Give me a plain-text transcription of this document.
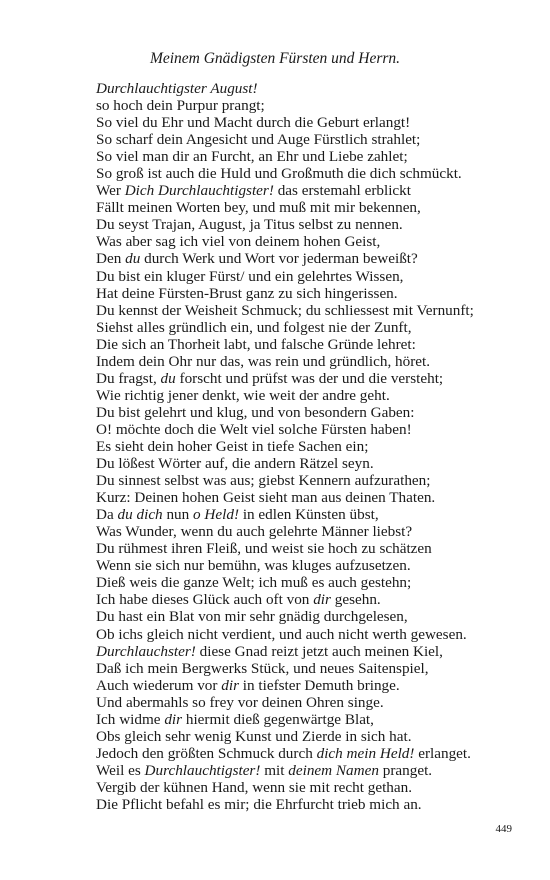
Meinem Gnädigsten Fürsten und Herrn.
Durchlauchtigster August!
so hoch dein Purpur prangt;
So viel du Ehr und Macht durch die Geburt erlangt!
So scharf dein Angesicht und Auge Fürstlich strahlet;
So viel man dir an Furcht, an Ehr und Liebe zahlet;
So groß ist auch die Huld und Großmuth die dich schmückt.
Wer Dich Durchlauchtigster! das erstemahl erblickt
Fällt meinen Worten bey, und muß mit mir bekennen,
Du seyst Trajan, August, ja Titus selbst zu nennen.
Was aber sag ich viel von deinem hohen Geist,
Den du durch Werk und Wort vor jederman beweißt?
Du bist ein kluger Fürst/ und ein gelehrtes Wissen,
Hat deine Fürsten-Brust ganz zu sich hingerissen.
Du kennst der Weisheit Schmuck; du schliessest mit Vernunft;
Siehst alles gründlich ein, und folgest nie der Zunft,
Die sich an Thorheit labt, und falsche Gründe lehret:
Indem dein Ohr nur das, was rein und gründlich, höret.
Du fragst, du forscht und prüfst was der und die versteht;
Wie richtig jener denkt, wie weit der andre geht.
Du bist gelehrt und klug, und von besondern Gaben:
O! möchte doch die Welt viel solche Fürsten haben!
Es sieht dein hoher Geist in tiefe Sachen ein;
Du lößest Wörter auf, die andern Rätzel seyn.
Du sinnest selbst was aus; giebst Kennern aufzurathen;
Kurz: Deinen hohen Geist sieht man aus deinen Thaten.
Da du dich nun o Held! in edlen Künsten übst,
Was Wunder, wenn du auch gelehrte Männer liebst?
Du rühmest ihren Fleiß, und weist sie hoch zu schätzen
Wenn sie sich nur bemühn, was kluges aufzusetzen.
Dieß weis die ganze Welt; ich muß es auch gestehn;
Ich habe dieses Glück auch oft von dir gesehn.
Du hast ein Blat von mir sehr gnädig durchgelesen,
Ob ichs gleich nicht verdient, und auch nicht werth gewesen.
Durchlauchster! diese Gnad reizt jetzt auch meinen Kiel,
Daß ich mein Bergwerks Stück, und neues Saitenspiel,
Auch wiederum vor dir in tiefster Demuth bringe.
Und abermahls so frey vor deinen Ohren singe.
Ich widme dir hiermit dieß gegenwärtge Blat,
Obs gleich sehr wenig Kunst und Zierde in sich hat.
Jedoch den größten Schmuck durch dich mein Held! erlanget.
Weil es Durchlauchtigster! mit deinem Namen pranget.
Vergib der kühnen Hand, wenn sie mit recht gethan.
Die Pflicht befahl es mir; die Ehrfurcht trieb mich an.
449
